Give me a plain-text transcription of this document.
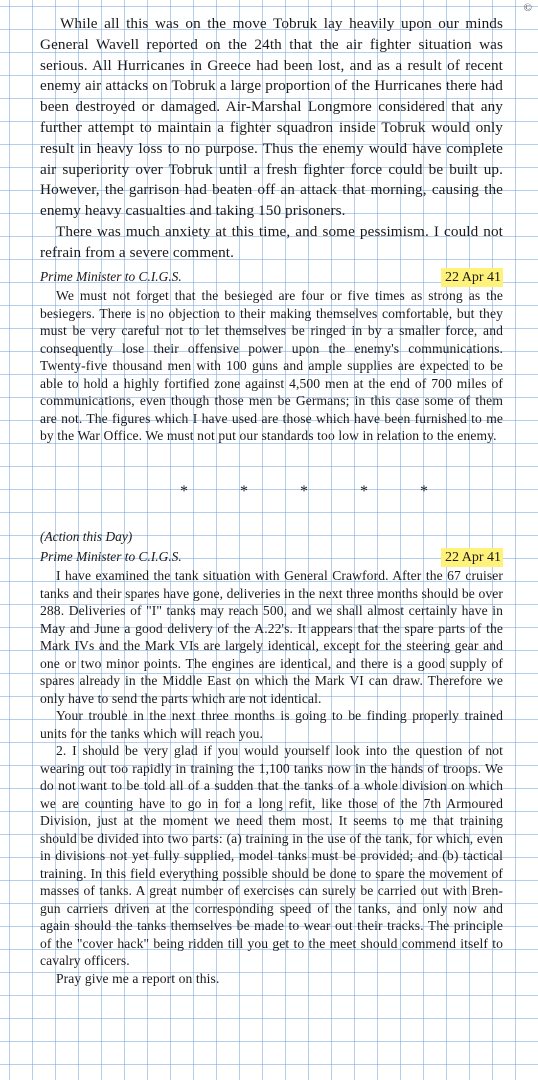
©

While all this was on the move Tobruk lay heavily upon our minds General Wavell reported on the 24th that the air fighter situation was serious. All Hurricanes in Greece had been lost, and as a result of recent enemy air attacks on Tobruk a large proportion of the Hurricanes there had been destroyed or damaged. Air-Marshal Longmore considered that any further attempt to maintain a fighter squadron inside Tobruk would only result in heavy loss to no purpose. Thus the enemy would have complete air superiority over Tobruk until a fresh fighter force could be built up. However, the garrison had beaten off an attack that morning, causing the enemy heavy casualties and taking 150 prisoners.

There was much anxiety at this time, and some pessimism. I could not refrain from a severe comment.

Prime Minister to C.I.G.S.	22 Apr 41

We must not forget that the besieged are four or five times as strong as the besiegers. There is no objection to their making themselves comfortable, but they must be very careful not to let themselves be ringed in by a smaller force, and consequently lose their offensive power upon the enemy's communications. Twenty-five thousand men with 100 guns and ample supplies are expected to be able to hold a highly fortified zone against 4,500 men at the end of 700 miles of communications, even though those men be Germans; in this case some of them are not. The figures which I have used are those which have been furnished to me by the War Office. We must not put our standards too low in relation to the enemy.

* * * * *
(Action this Day)
Prime Minister to C.I.G.S.	22 Apr 41

I have examined the tank situation with General Crawford. After the 67 cruiser tanks and their spares have gone, deliveries in the next three months should be over 288. Deliveries of "I" tanks may reach 500, and we shall almost certainly have in May and June a good delivery of the A.22's. It appears that the spare parts of the Mark IVs and the Mark VIs are largely identical, except for the steering gear and one or two minor points. The engines are identical, and there is a good supply of spares already in the Middle East on which the Mark VI can draw. Therefore we only have to send the parts which are not identical.

Your trouble in the next three months is going to be finding properly trained units for the tanks which will reach you.

2. I should be very glad if you would yourself look into the question of not wearing out too rapidly in training the 1,100 tanks now in the hands of troops. We do not want to be told all of a sudden that the tanks of a whole division on which we are counting have to go in for a long refit, like those of the 7th Armoured Division, just at the moment we need them most. It seems to me that training should be divided into two parts: (a) training in the use of the tank, for which, even in divisions not yet fully supplied, model tanks must be provided; and (b) tactical training. In this field everything possible should be done to spare the movement of masses of tanks. A great number of exercises can surely be carried out with Bren-gun carriers driven at the corresponding speed of the tanks, and only now and again should the tanks themselves be made to wear out their tracks. The principle of the "cover hack" being ridden till you get to the meet should commend itself to cavalry officers.

Pray give me a report on this.
